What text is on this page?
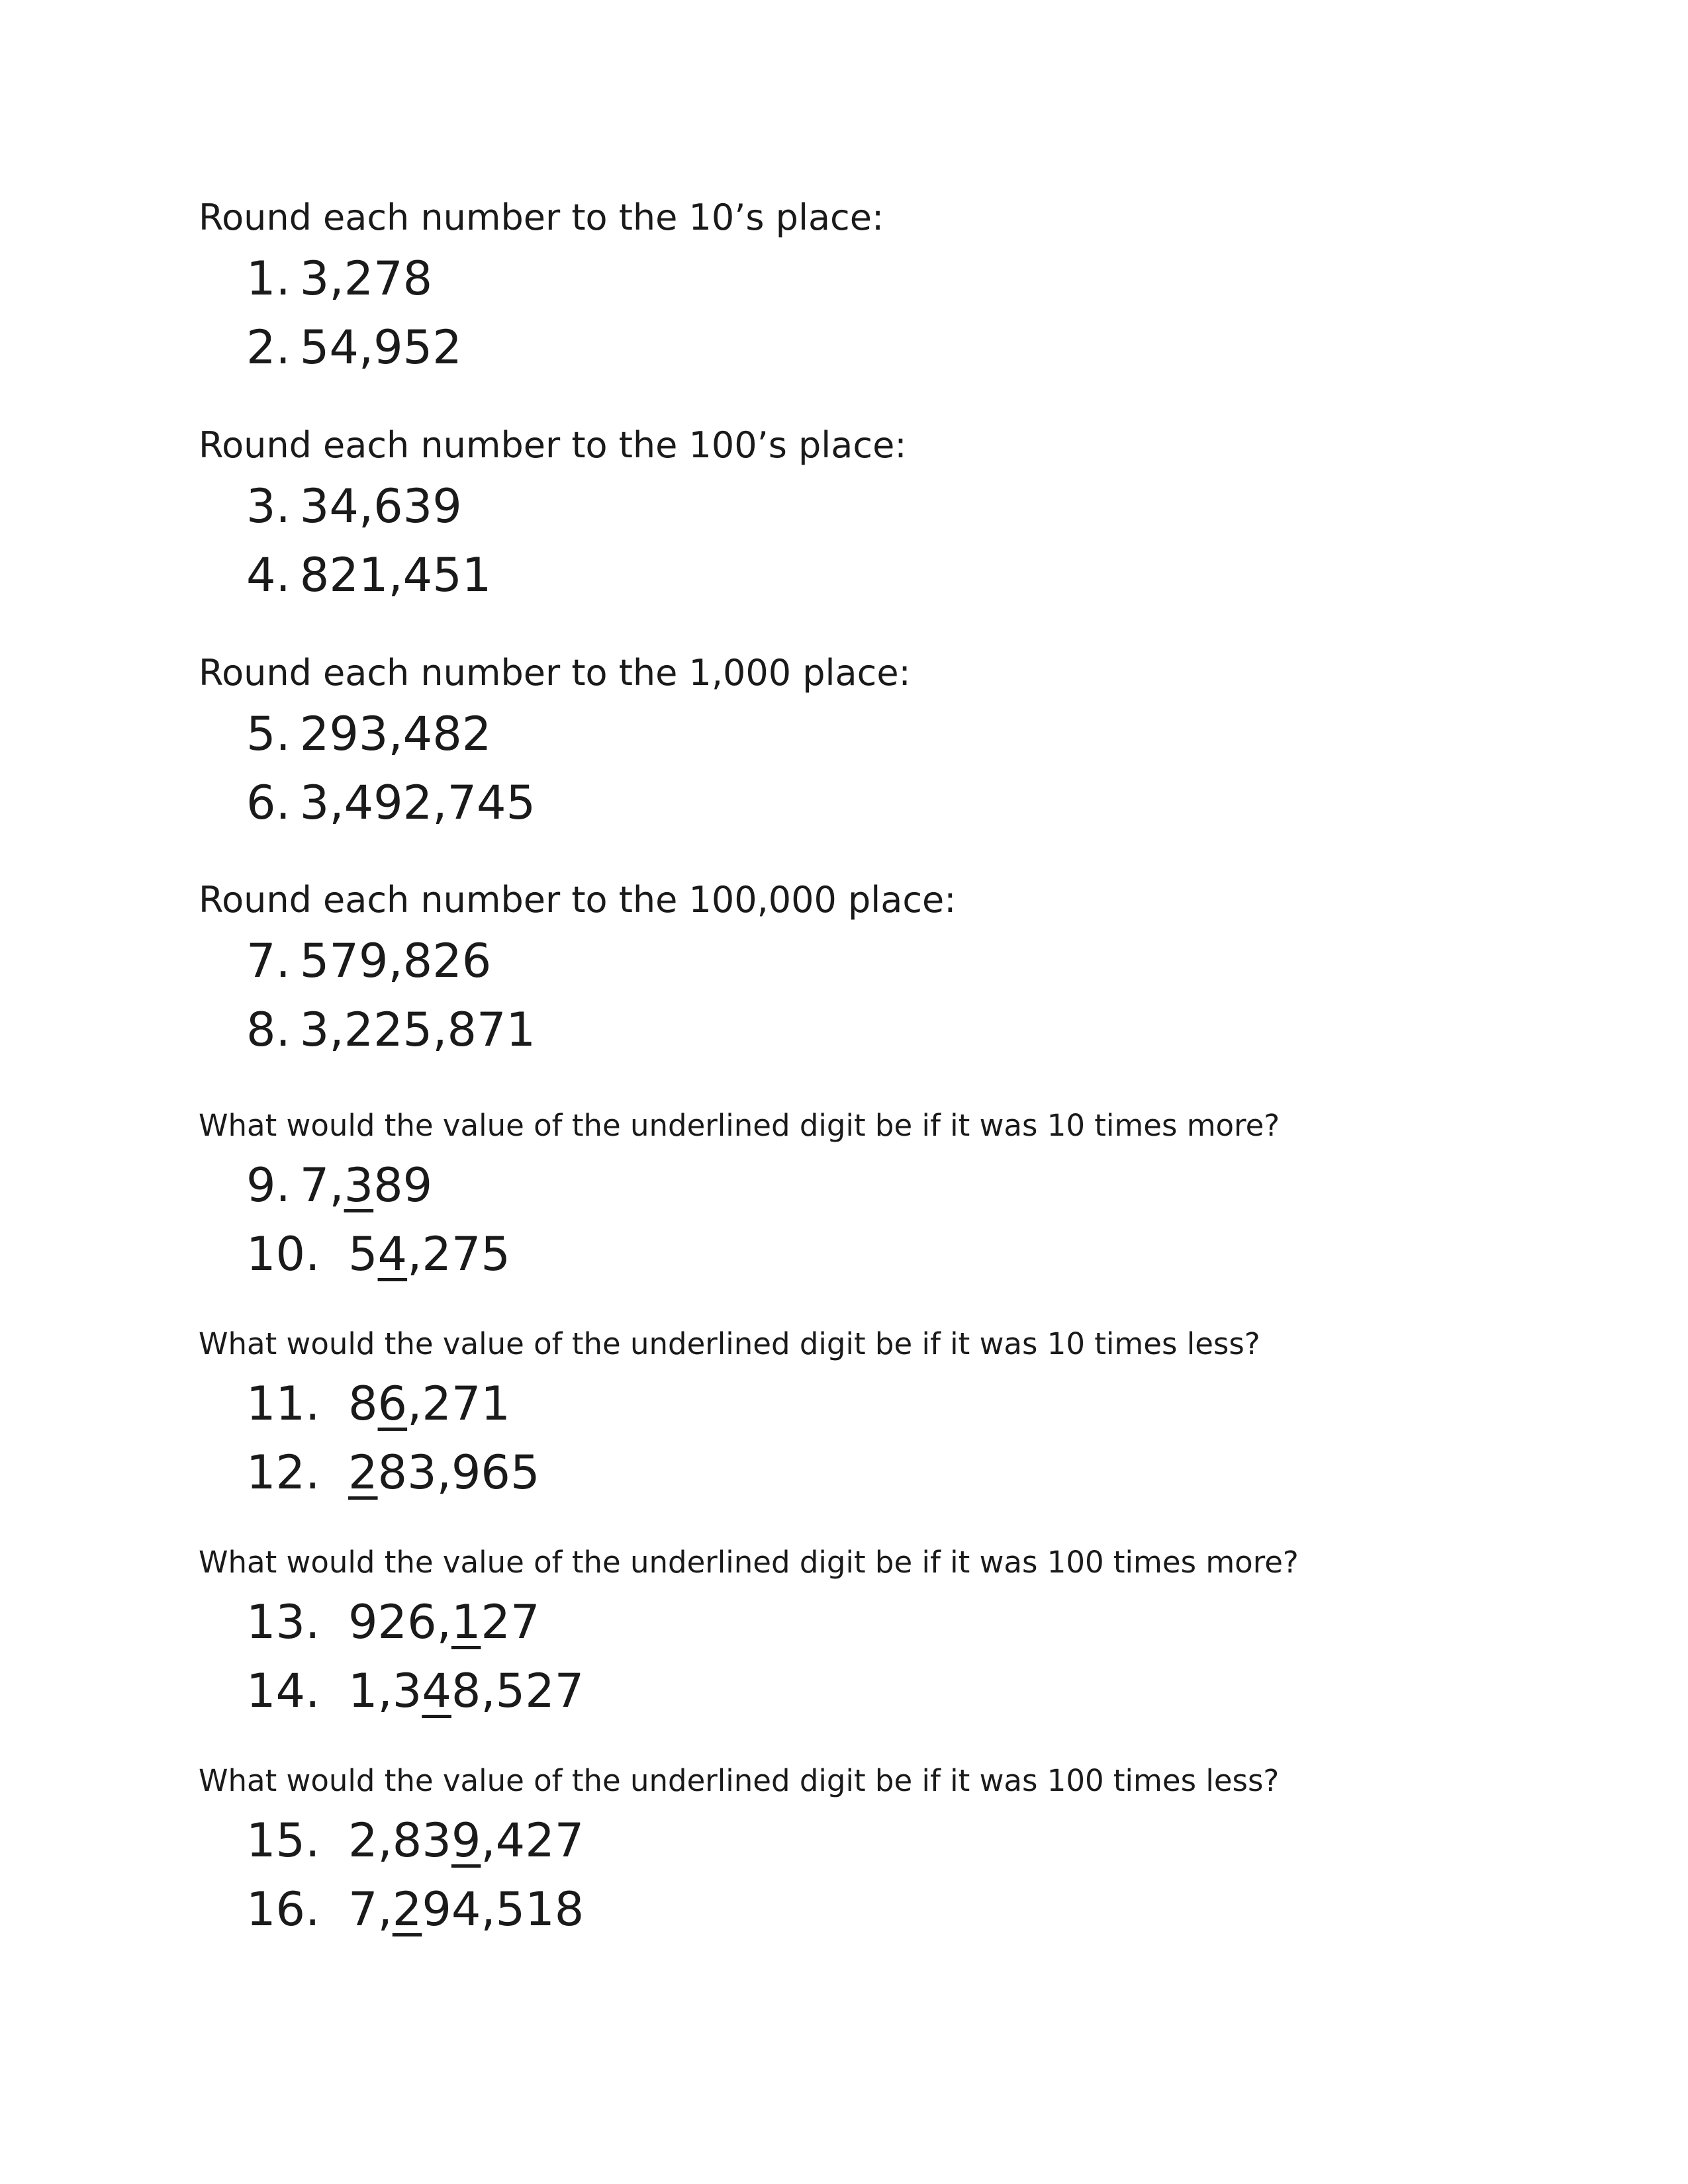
Round each number to the 10’s place:
1. 3,278
2. 54,952
Round each number to the 100’s place:
3. 34,639
4. 821,451
Round each number to the 1,000 place:
5. 293,482
6. 3,492,745
Round each number to the 100,000 place:
7. 579,826
8. 3,225,871
What would the value of the underlined digit be if it was 10 times more?
9. 7,389
10. 54,275
What would the value of the underlined digit be if it was 10 times less?
11. 86,271
12. 283,965
What would the value of the underlined digit be if it was 100 times more?
13. 926,127
14. 1,348,527
What would the value of the underlined digit be if it was 100 times less?
15. 2,839,427
16. 7,294,518
